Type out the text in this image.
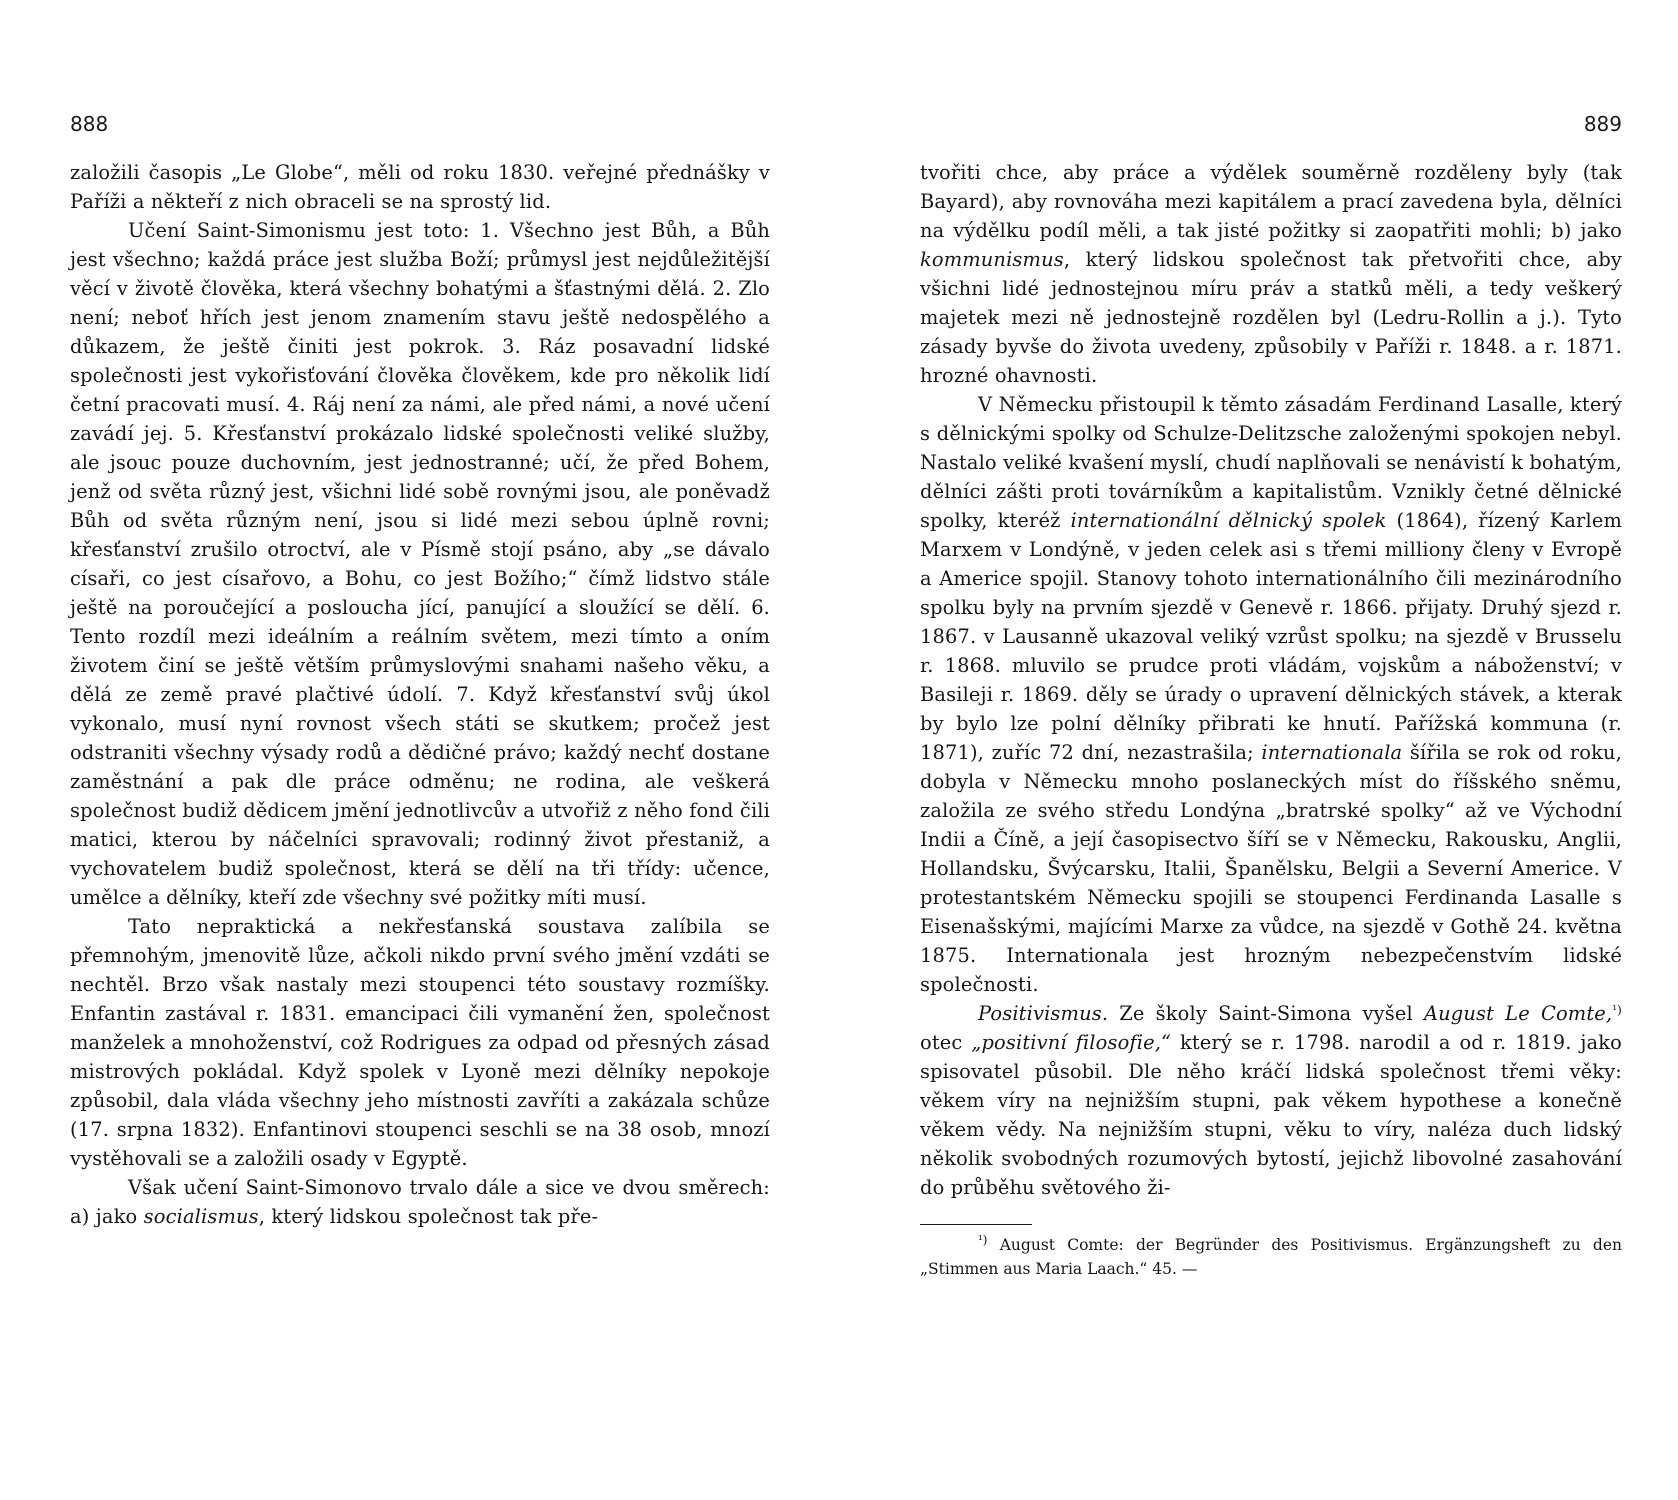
888

založili časopis „Le Globe“, měli od roku 1830. veřejné přednášky v Paříži a někteří z nich obraceli se na sprostý lid.

Učení Saint-Simonismu jest toto: 1. Všechno jest Bůh, a Bůh jest všechno; každá práce jest služba Boží; průmysl jest nejdůležitější věcí v životě člověka, která všechny bohatými a šťastnými dělá. 2. Zlo není; neboť hřích jest jenom znamením stavu ještě nedospělého a důkazem, že ještě činiti jest pokrok. 3. Ráz posavadní lidské společnosti jest vykořisťování člověka člověkem, kde pro několik lidí četní pracovati musí. 4. Ráj není za námi, ale před námi, a nové učení zavádí jej. 5. Křesťanství prokázalo lidské společnosti veliké služby, ale jsouc pouze duchovním, jest jednostranné; učí, že před Bohem, jenž od světa různý jest, všichni lidé sobě rovnými jsou, ale poněvadž Bůh od světa různým není, jsou si lidé mezi sebou úplně rovni; křesťanství zrušilo otroctví, ale v Písmě stojí psáno, aby „se dávalo císaři, co jest císařovo, a Bohu, co jest Božího;“ čímž lidstvo stále ještě na poroučející a posloucha jící, panující a sloužící se dělí. 6. Tento rozdíl mezi ideálním a reálním světem, mezi tímto a oním životem činí se ještě větším průmyslovými snahami našeho věku, a dělá ze země pravé plačtivé údolí. 7. Když křesťanství svůj úkol vykonalo, musí nyní rovnost všech státi se skutkem; pročež jest odstraniti všechny výsady rodů a dědičné právo; každý nechť dostane zaměstnání a pak dle práce odměnu; ne rodina, ale veškerá společnost budiž dědicem jmění jednotlivcův a utvořiž z něho fond čili matici, kterou by náčelníci spravovali; rodinný život přestaniž, a vychovatelem budiž společnost, která se dělí na tři třídy: učence, umělce a dělníky, kteří zde všechny své požitky míti musí.

Tato nepraktická a nekřesťanská soustava zalíbila se přemnohým, jmenovitě lůze, ačkoli nikdo první svého jmění vzdáti se nechtěl. Brzo však nastaly mezi stoupenci této soustavy rozmíšky. Enfantin zastával r. 1831. emancipaci čili vymanění žen, společnost manželek a mnohoženství, což Rodrigues za odpad od přesných zásad mistrových pokládal. Když spolek v Lyoně mezi dělníky nepokoje způsobil, dala vláda všechny jeho místnosti zavříti a zakázala schůze (17. srpna 1832). Enfantinovi stoupenci seschli se na 38 osob, mnozí vystěhovali se a založili osady v Egyptě.

Však učení Saint-Simonovo trvalo dále a sice ve dvou směrech: a) jako socialismus, který lidskou společnost tak pře-

889

tvořiti chce, aby práce a výdělek souměrně rozděleny byly (tak Bayard), aby rovnováha mezi kapitálem a prací zavedena byla, dělníci na výdělku podíl měli, a tak jisté požitky si zaopatřiti mohli; b) jako kommunismus, který lidskou společnost tak přetvořiti chce, aby všichni lidé jednostejnou míru práv a statků měli, a tedy veškerý majetek mezi ně jednostejně rozdělen byl (Ledru-Rollin a j.). Tyto zásady byvše do života uvedeny, způsobily v Paříži r. 1848. a r. 1871. hrozné ohavnosti.

V Německu přistoupil k těmto zásadám Ferdinand Lasalle, který s dělnickými spolky od Schulze-Delitzsche založenými spokojen nebyl. Nastalo veliké kvašení myslí, chudí naplňovali se nenávistí k bohatým, dělníci zášti proti továrníkům a kapitalistům. Vznikly četné dělnické spolky, kteréž internationální dělnický spolek (1864), řízený Karlem Marxem v Londýně, v jeden celek asi s třemi milliony členy v Evropě a Americe spojil. Stanovy tohoto internationálního čili mezinárodního spolku byly na prvním sjezdě v Genevě r. 1866. přijaty. Druhý sjezd r. 1867. v Lausanně ukazoval veliký vzrůst spolku; na sjezdě v Brusselu r. 1868. mluvilo se prudce proti vládám, vojskům a náboženství; v Basileji r. 1869. děly se úrady o upravení dělnických stávek, a kterak by bylo lze polní dělníky přibrati ke hnutí. Pařížská kommuna (r. 1871), zuříc 72 dní, nezastrašila; internationala šířila se rok od roku, dobyla v Německu mnoho poslaneckých míst do říšského sněmu, založila ze svého středu Londýna „bratrské spolky“ až ve Východní Indii a Číně, a její časopisectvo šíří se v Německu, Rakousku, Anglii, Hollandsku, Švýcarsku, Italii, Španělsku, Belgii a Severní Americe. V protestantském Německu spojili se stoupenci Ferdinanda Lasalle s Eisenašskými, majícími Marxe za vůdce, na sjezdě v Gothě 24. května 1875. Internationala jest hrozným nebezpečenstvím lidské společnosti.

Positivismus. Ze školy Saint-Simona vyšel August Le Comte,$^{^1)}$ otec „positivní filosofie,“ který se r. 1798. narodil a od r. 1819. jako spisovatel působil. Dle něho kráčí lidská společnost třemi věky: věkem víry na nejnižším stupni, pak věkem hypothese a konečně věkem vědy. Na nejnižším stupni, věku to víry, naléza duch lidský několik svobodných rozumových bytostí, jejichž libovolné zasahování do průběhu světového ži-

$^{^1)}$ August Comte: der Begründer des Positivismus. Ergänzungsheft zu den „Stimmen aus Maria Laach.“ 45. —
